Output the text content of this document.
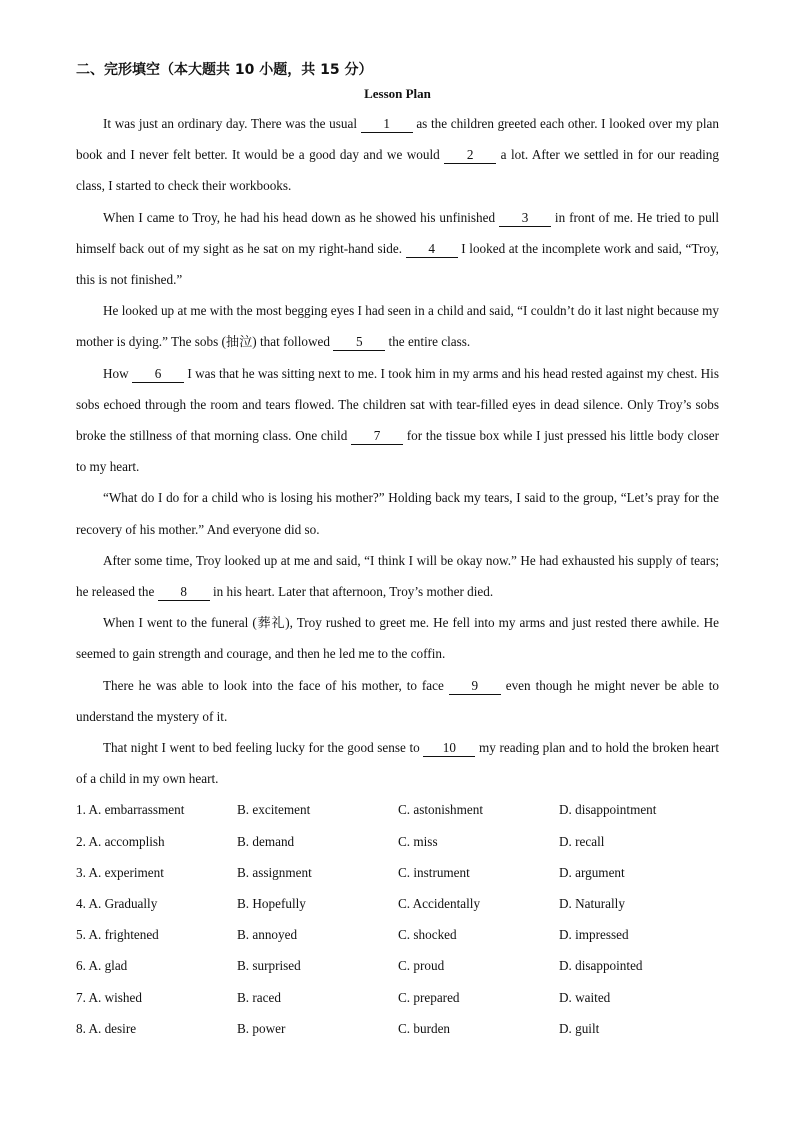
二、完形填空（本大题共 10 小题，共 15 分）
Lesson Plan

It was just an ordinary day. There was the usual 1 as the children greeted each other. I looked over my plan book and I never felt better. It would be a good day and we would 2 a lot. After we settled in for our reading class, I started to check their workbooks.

When I came to Troy, he had his head down as he showed his unfinished 3 in front of me. He tried to pull himself back out of my sight as he sat on my right-hand side. 4 I looked at the incomplete work and said, “Troy, this is not finished.”

He looked up at me with the most begging eyes I had seen in a child and said, “I couldn’t do it last night because my mother is dying.” The sobs (抽泣) that followed 5 the entire class.

How 6 I was that he was sitting next to me. I took him in my arms and his head rested against my chest. His sobs echoed through the room and tears flowed. The children sat with tear-filled eyes in dead silence. Only Troy’s sobs broke the stillness of that morning class. One child 7 for the tissue box while I just pressed his little body closer to my heart.

“What do I do for a child who is losing his mother?” Holding back my tears, I said to the group, “Let’s pray for the recovery of his mother.” And everyone did so.

After some time, Troy looked up at me and said, “I think I will be okay now.” He had exhausted his supply of tears; he released the 8 in his heart. Later that afternoon, Troy’s mother died.

When I went to the funeral (葬礼), Troy rushed to greet me. He fell into my arms and just rested there awhile. He seemed to gain strength and courage, and then he led me to the coffin.

There he was able to look into the face of his mother, to face 9 even though he might never be able to understand the mystery of it.

That night I went to bed feeling lucky for the good sense to 10 my reading plan and to hold the broken heart of a child in my own heart.

1. A. embarrassment	B. excitement	C. astonishment	D. disappointment
2. A. accomplish	B. demand	C. miss	D. recall
3. A. experiment	B. assignment	C. instrument	D. argument
4. A. Gradually	B. Hopefully	C. Accidentally	D. Naturally
5. A. frightened	B. annoyed	C. shocked	D. impressed
6. A. glad	B. surprised	C. proud	D. disappointed
7. A. wished	B. raced	C. prepared	D. waited
8. A. desire	B. power	C. burden	D. guilt
